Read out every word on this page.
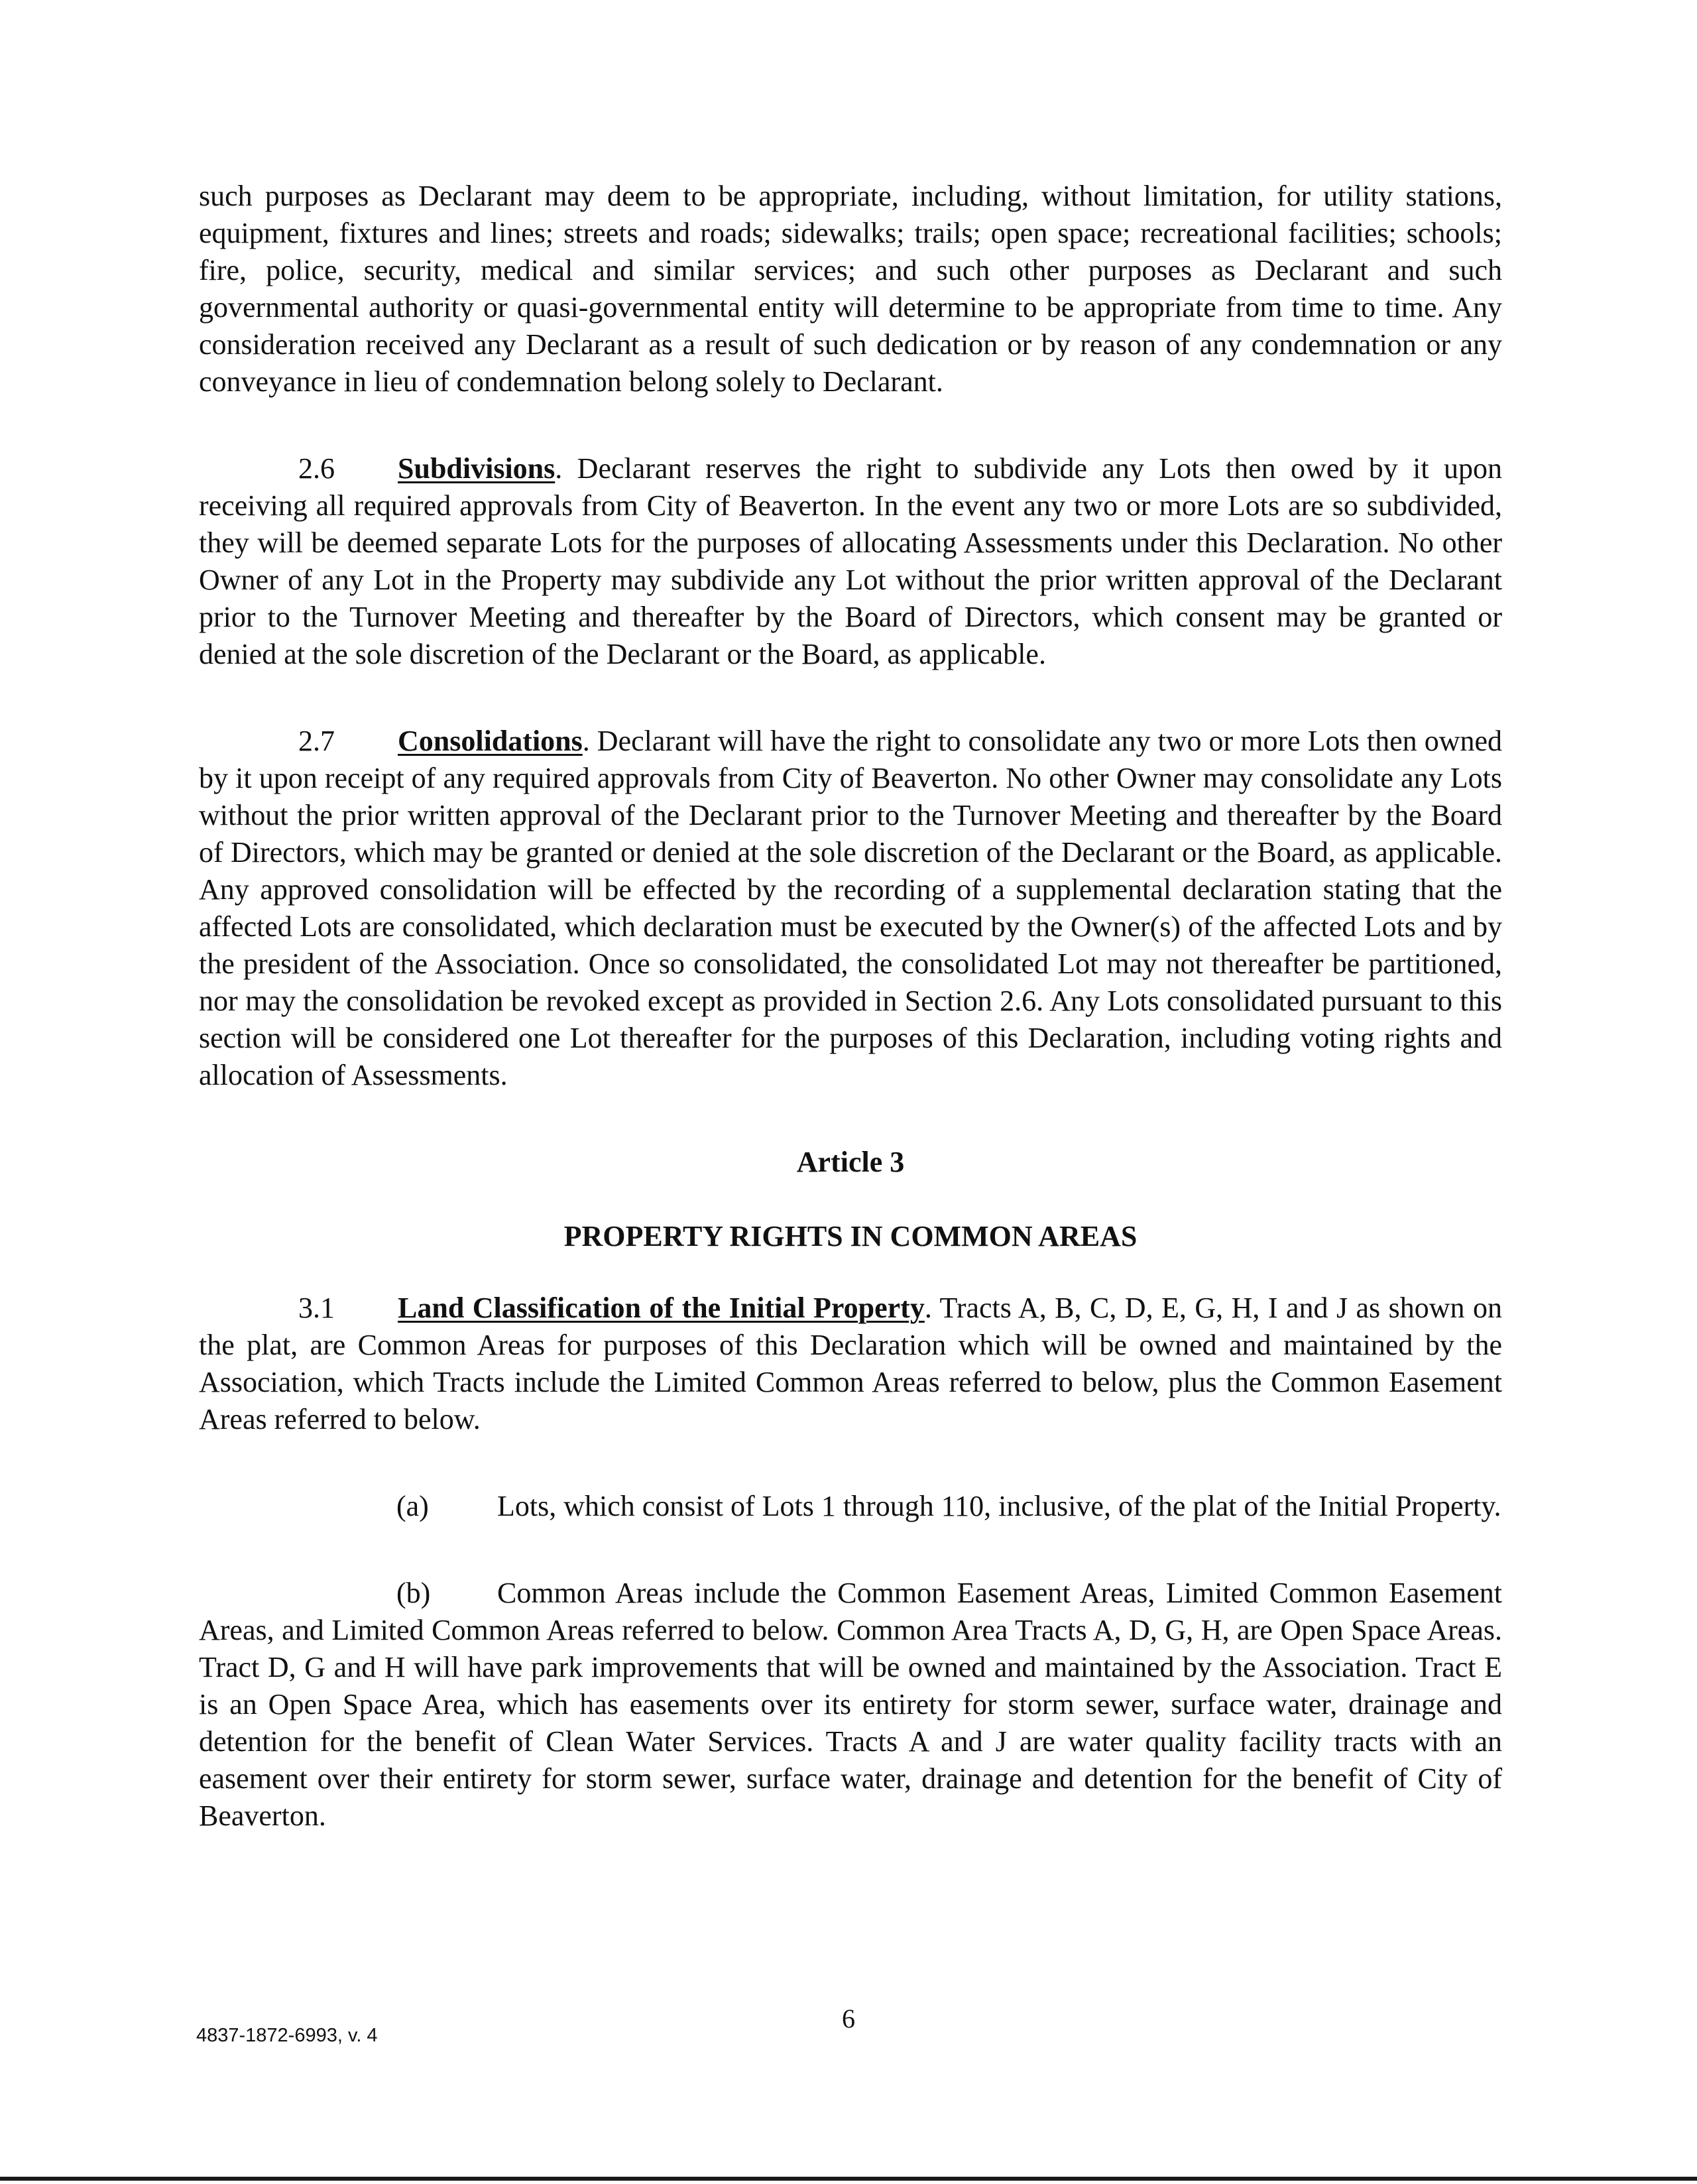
such purposes as Declarant may deem to be appropriate, including, without limitation, for utility stations, equipment, fixtures and lines; streets and roads; sidewalks; trails; open space; recreational facilities; schools; fire, police, security, medical and similar services; and such other purposes as Declarant and such governmental authority or quasi-governmental entity will determine to be appropriate from time to time. Any consideration received any Declarant as a result of such dedication or by reason of any condemnation or any conveyance in lieu of condemnation belong solely to Declarant.

2.6 Subdivisions. Declarant reserves the right to subdivide any Lots then owed by it upon receiving all required approvals from City of Beaverton. In the event any two or more Lots are so subdivided, they will be deemed separate Lots for the purposes of allocating Assessments under this Declaration. No other Owner of any Lot in the Property may subdivide any Lot without the prior written approval of the Declarant prior to the Turnover Meeting and thereafter by the Board of Directors, which consent may be granted or denied at the sole discretion of the Declarant or the Board, as applicable.

2.7 Consolidations. Declarant will have the right to consolidate any two or more Lots then owned by it upon receipt of any required approvals from City of Beaverton. No other Owner may consolidate any Lots without the prior written approval of the Declarant prior to the Turnover Meeting and thereafter by the Board of Directors, which may be granted or denied at the sole discretion of the Declarant or the Board, as applicable. Any approved consolidation will be effected by the recording of a supplemental declaration stating that the affected Lots are consolidated, which declaration must be executed by the Owner(s) of the affected Lots and by the president of the Association. Once so consolidated, the consolidated Lot may not thereafter be partitioned, nor may the consolidation be revoked except as provided in Section 2.6. Any Lots consolidated pursuant to this section will be considered one Lot thereafter for the purposes of this Declaration, including voting rights and allocation of Assessments.

Article 3

PROPERTY RIGHTS IN COMMON AREAS

3.1 Land Classification of the Initial Property. Tracts A, B, C, D, E, G, H, I and J as shown on the plat, are Common Areas for purposes of this Declaration which will be owned and maintained by the Association, which Tracts include the Limited Common Areas referred to below, plus the Common Easement Areas referred to below.

(a) Lots, which consist of Lots 1 through 110, inclusive, of the plat of the Initial Property.

(b) Common Areas include the Common Easement Areas, Limited Common Easement Areas, and Limited Common Areas referred to below. Common Area Tracts A, D, G, H, are Open Space Areas. Tract D, G and H will have park improvements that will be owned and maintained by the Association. Tract E is an Open Space Area, which has easements over its entirety for storm sewer, surface water, drainage and detention for the benefit of Clean Water Services. Tracts A and J are water quality facility tracts with an easement over their entirety for storm sewer, surface water, drainage and detention for the benefit of City of Beaverton.

6
4837-1872-6993, v. 4
